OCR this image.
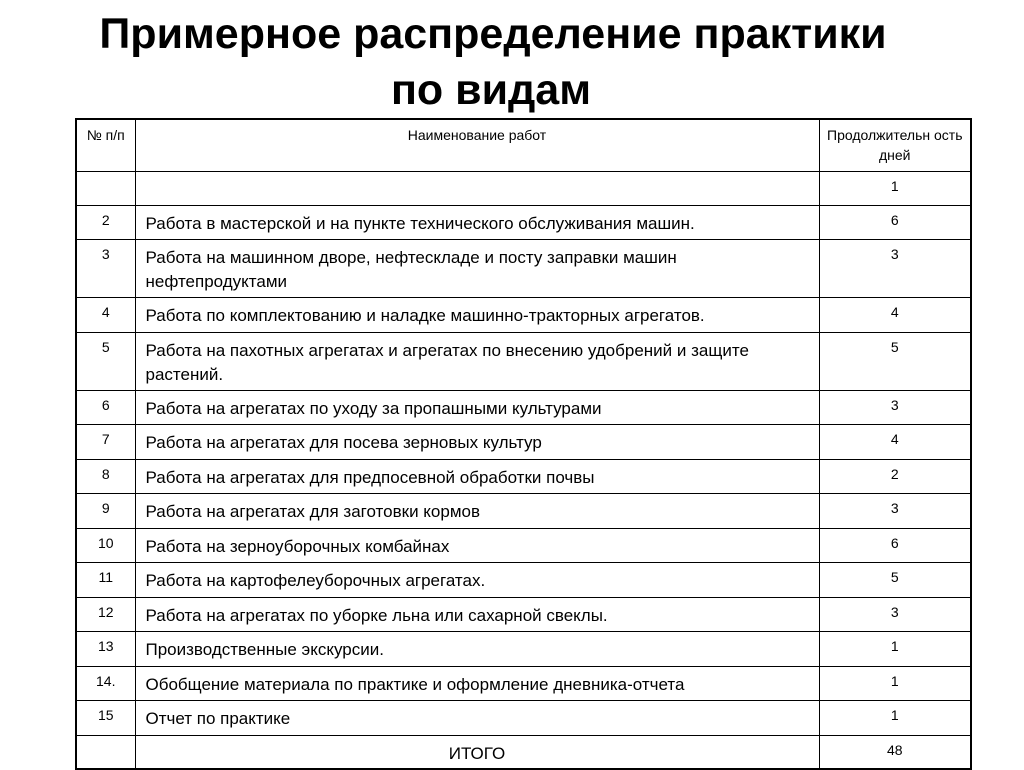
Примерное распределение практики
по видам
№ п/п	Наименование работ	Продолжительн ость дней
		1
2	Работа в мастерской и на пункте технического обслуживания машин.	6
3	Работа на машинном дворе, нефтескладе и посту заправки машин нефтепродуктами	3
4	Работа по комплектованию и наладке машинно-тракторных агрегатов.	4
5	Работа на пахотных агрегатах и агрегатах по внесению удобрений и защите растений.	5
6	Работа на агрегатах по уходу за пропашными культурами	3
7	Работа на агрегатах для посева зерновых культур	4
8	Работа на агрегатах для предпосевной обработки почвы	2
9	Работа на агрегатах для заготовки кормов	3
10	Работа на зерноуборочных комбайнах	6
11	Работа на картофелеуборочных агрегатах.	5
12	Работа на агрегатах по уборке льна или сахарной свеклы.	3
13	Производственные экскурсии.	1
14.	Обобщение материала по практике и оформление дневника-отчета	1
15	Отчет по практике	1
	ИТОГО	48
